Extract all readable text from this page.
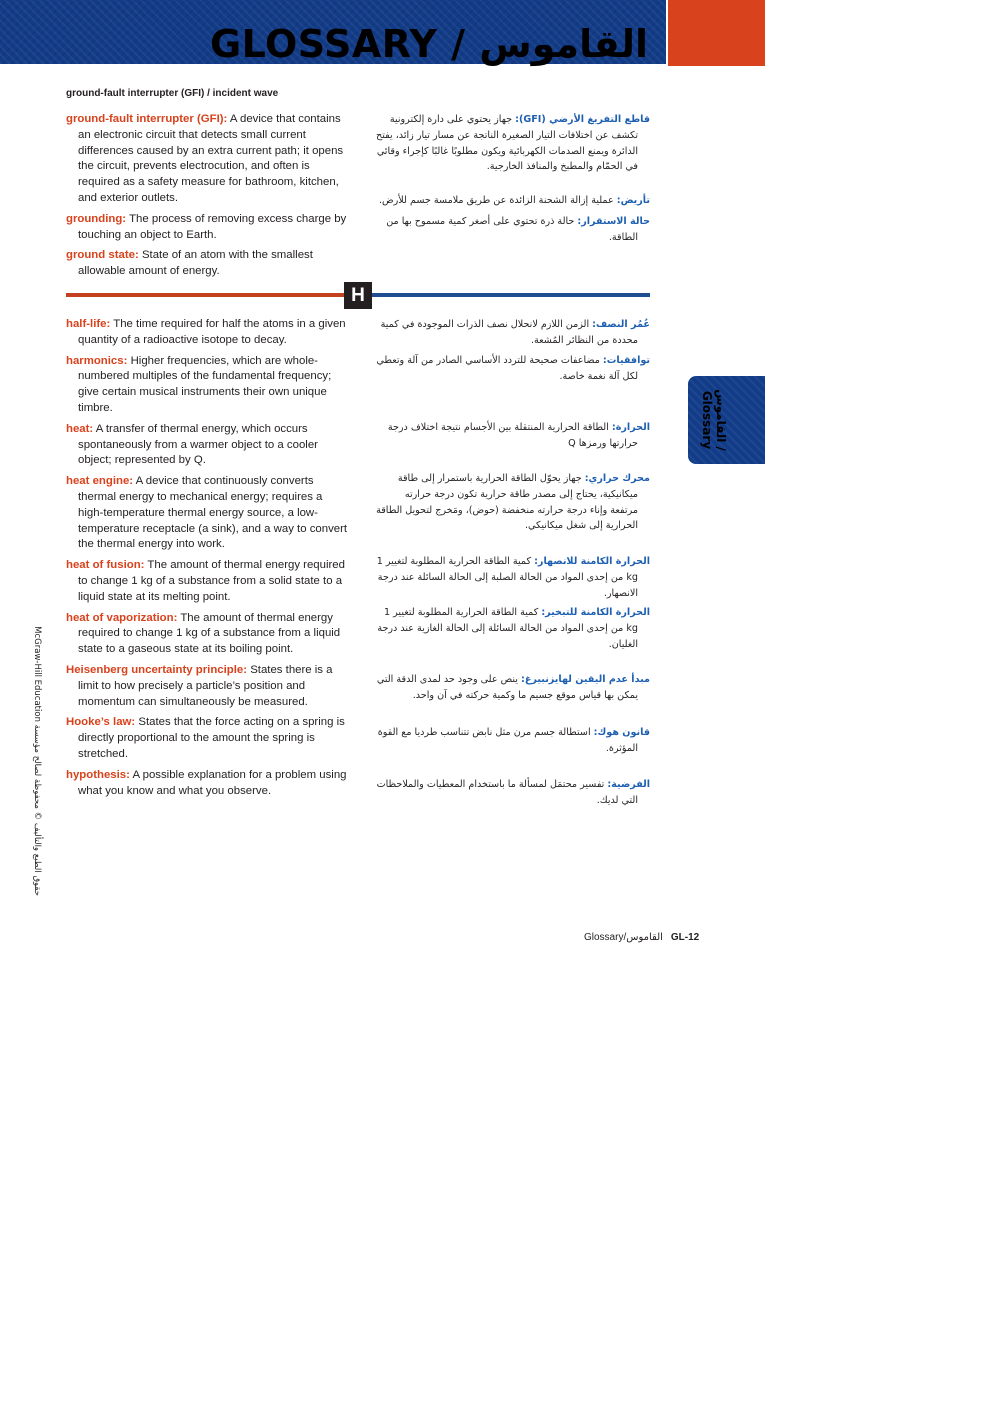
GLOSSARY / القاموس
ground-fault interrupter (GFI) / incident wave

ground-fault interrupter (GFI): A device that contains an electronic circuit that detects small current differences caused by an extra current path; it opens the circuit, prevents electrocution, and often is required as a safety measure for bathroom, kitchen, and exterior outlets.

grounding: The process of removing excess charge by touching an object to Earth.

ground state: State of an atom with the smallest allowable amount of energy.

قاطع التفريغ الأرضي (GFI): جهاز يحتوي على دارة إلكترونية تكشف عن اختلافات التيار الصغيرة الناتجة عن مسار تيار زائد، يفتح الدائرة ويمنع الصدمات الكهربائية ويكون مطلوبًا غالبًا كإجراء وقائي في الحمّام والمطبخ والمنافذ الخارجية.

تأريض: عملية إزالة الشحنة الزائدة عن طريق ملامسة جسم للأرض.

حالة الاستقرار: حالة ذرة تحتوي على أصغر كمية مسموح بها من الطاقة.

H

half-life: The time required for half the atoms in a given quantity of a radioactive isotope to decay.

harmonics: Higher frequencies, which are whole-numbered multiples of the fundamental frequency; give certain musical instruments their own unique timbre.

heat: A transfer of thermal energy, which occurs spontaneously from a warmer object to a cooler object; represented by Q.

heat engine: A device that continuously converts thermal energy to mechanical energy; requires a high-temperature thermal energy source, a low-temperature receptacle (a sink), and a way to convert the thermal energy into work.

heat of fusion: The amount of thermal energy required to change 1 kg of a substance from a solid state to a liquid state at its melting point.

heat of vaporization: The amount of thermal energy required to change 1 kg of a substance from a liquid state to a gaseous state at its boiling point.

Heisenberg uncertainty principle: States there is a limit to how precisely a particle’s position and momentum can simultaneously be measured.

Hooke’s law: States that the force acting on a spring is directly proportional to the amount the spring is stretched.

hypothesis: A possible explanation for a problem using what you know and what you observe.

عُمُر النصف: الزمن اللازم لانحلال نصف الذرات الموجودة في كمية محددة من النظائر المُشعة.

توافقيات: مضاعفات صحيحة للتردد الأساسي الصادر من آلة وتعطي لكل آلة نغمة خاصة.

الحرارة: الطاقة الحرارية المنتقلة بين الأجسام نتيجة اختلاف درجة حرارتها ورمزها Q

محرك حراري: جهاز يحوّل الطاقة الحرارية باستمرار إلى طاقة ميكانيكية، يحتاج إلى مصدر طاقة حرارية تكون درجة حرارته مرتفعة وإناء درجة حرارته منخفضة (حوض)، ومَخرج لتحويل الطاقة الحرارية إلى شغل ميكانيكي.

الحرارة الكامنة للانصهار: كمية الطاقة الحرارية المطلوبة لتغيير 1 kg من إحدى المواد من الحالة الصلبة إلى الحالة السائلة عند درجة الانصهار.

الحرارة الكامنة للتبخير: كمية الطاقة الحرارية المطلوبة لتغيير 1 kg من إحدى المواد من الحالة السائلة إلى الحالة الغازية عند درجة الغليان.

مبدأ عدم اليقين لهايزنبيرغ: ينص على وجود حد لمدى الدقة التي يمكن بها قياس موقع جسيم ما وكمية حركته في آن واحد.

قانون هوك: استطالة جسم مرن مثل نابض تتناسب طرديا مع القوة المؤثرة.

الفرضية: تفسير محتمَل لمسألة ما باستخدام المعطيات والملاحظات التي لديك.

القاموس /
Glossary
حقوق الطبع والتأليف © محفوظة لصالح مؤسسة McGraw-Hill Education
Glossary/القاموس GL-12
